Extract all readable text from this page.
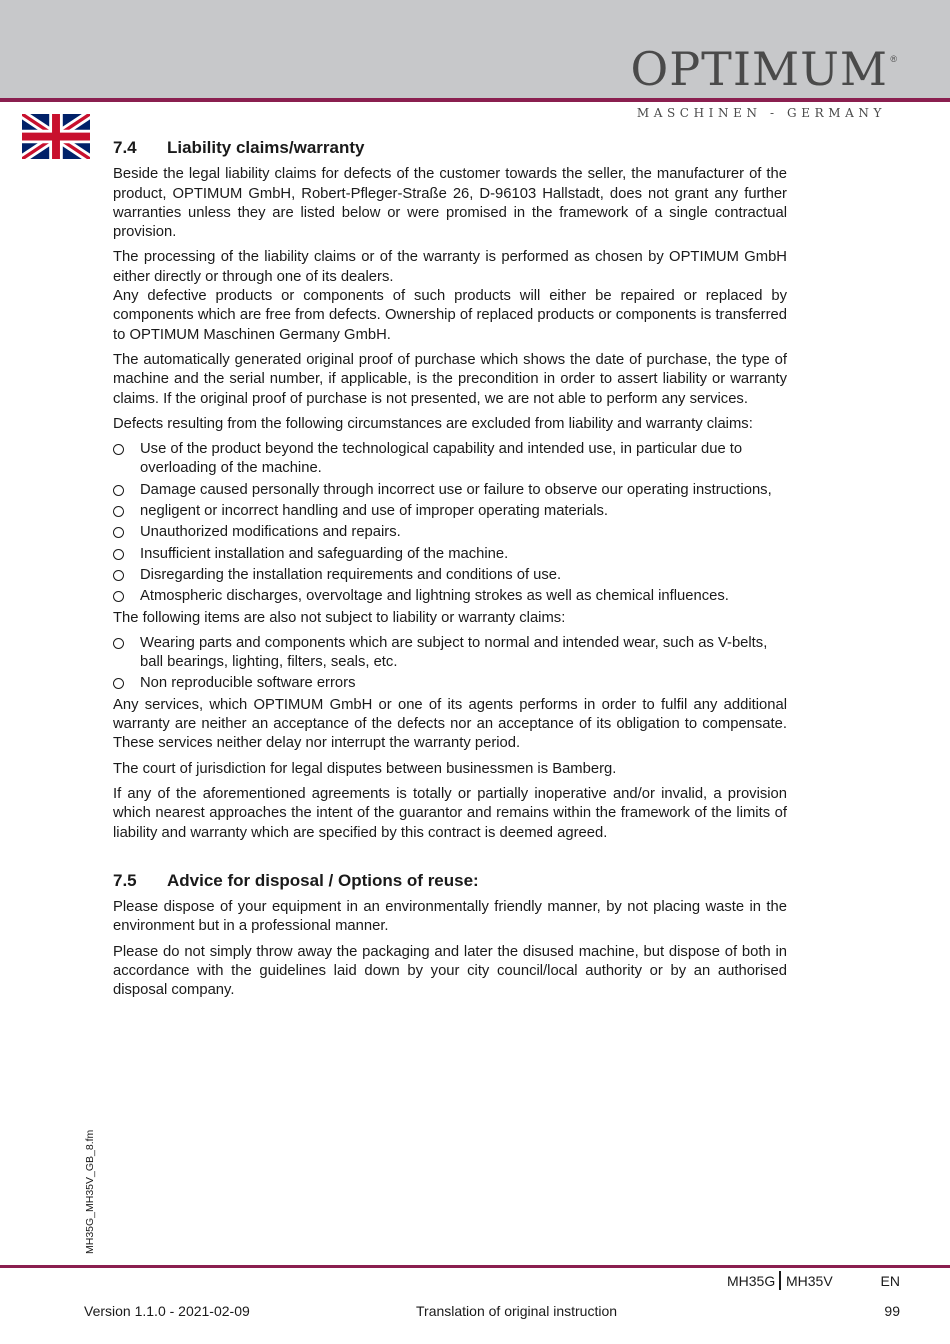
OPTIMUM ®
MASCHINEN - GERMANY
7.4	Liability claims/warranty
Beside the legal liability claims for defects of the customer towards the seller, the manufacturer of the product, OPTIMUM GmbH, Robert-Pfleger-Straße 26, D-96103 Hallstadt, does not grant any further warranties unless they are listed below or were promised in the framework of a single contractual provision.
The processing of the liability claims or of the warranty is performed as chosen by OPTIMUM GmbH either directly or through one of its dealers.
Any defective products or components of such products will either be repaired or replaced by components which are free from defects. Ownership of replaced products or components is transferred to OPTIMUM Maschinen Germany GmbH.
The automatically generated original proof of purchase which shows the date of purchase, the type of machine and the serial number, if applicable, is the precondition in order to assert liability or warranty claims. If the original proof of purchase is not presented, we are not able to perform any services.
Defects resulting from the following circumstances are excluded from liability and warranty claims:
Use of the product beyond the technological capability and intended use, in particular due to overloading of the machine.
Damage caused personally through incorrect use or failure to observe our operating instructions,
negligent or incorrect handling and use of improper operating materials.
Unauthorized modifications and repairs.
Insufficient installation and safeguarding of the machine.
Disregarding the installation requirements and conditions of use.
Atmospheric discharges, overvoltage and lightning strokes as well as chemical influences.
The following items are also not subject to liability or warranty claims:
Wearing parts and components which are subject to normal and intended wear, such as V-belts, ball bearings, lighting, filters, seals, etc.
Non reproducible software errors
Any services, which OPTIMUM GmbH or one of its agents performs in order to fulfil any additional warranty are neither an acceptance of the defects nor an acceptance of its obligation to compensate. These services neither delay nor interrupt the warranty period.
The court of jurisdiction for legal disputes between businessmen is Bamberg.
If any of the aforementioned agreements is totally or partially inoperative and/or invalid, a provision which nearest approaches the intent of the guarantor and remains within the framework of the limits of liability and warranty which are specified by this contract is deemed agreed.
7.5	Advice for disposal / Options of reuse:
Please dispose of your equipment in an environmentally friendly manner, by not placing waste in the environment but in a professional manner.
Please do not simply throw away the packaging and later the disused machine, but dispose of both in accordance with the guidelines laid down by your city council/local authority or by an authorised disposal company.
MH35G_MH35V_GB_8.fm
MH35G MH35V	EN
Version 1.1.0 - 2021-02-09	Translation of original instruction	99
